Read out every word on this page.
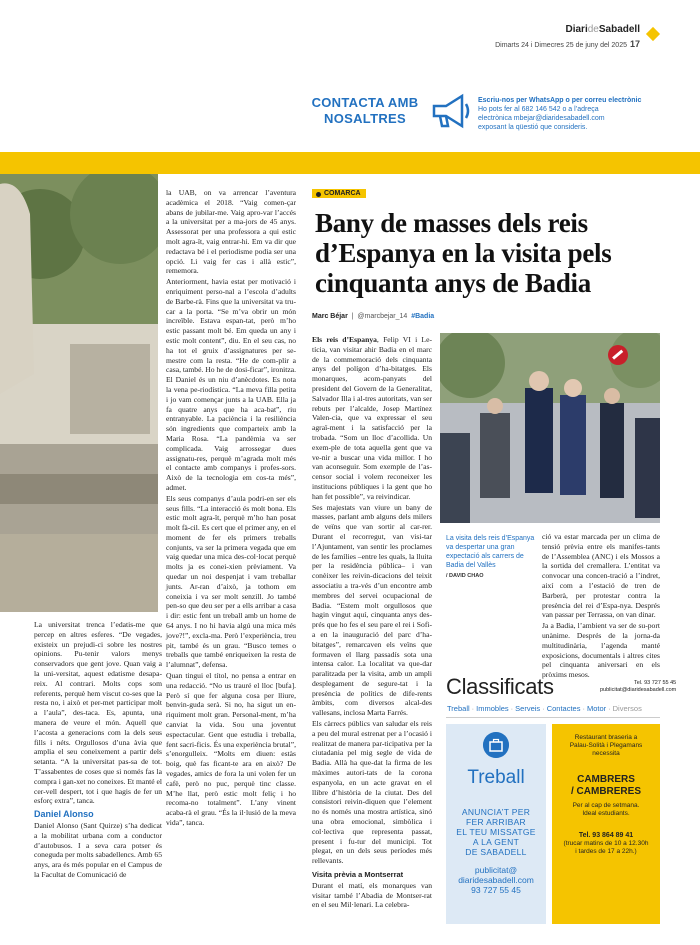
DiarideSabadell
Dimarts 24 i Dimecres 25 de juny del 2025 17
CONTACTA AMB
NOSALTRES
Escriu-nos per WhatsApp o per correu electrònic
Ho pots fer al 682 146 542 o a l’adreça
electrònica mbejar@diaridesabadell.com
exposant la qüestió que consideris.

La universitat trenca l’edatis-me que percep en altres esferes. “De vegades, existeix un prejudi-ci sobre les nostres opinions. Pu-tenir valors menys conservadors que gent jove. Quan vaig a la uni-versitat, aquest edatisme desapa-reix. Al contrari. Molts cops som referents, perquè hem viscut co-ses que la resta no, i això et per-met participar molt a l’aula”, des-taca. Es, apunta, una manera de veure el món. Aquell que l’acosta a generacions com la dels seus fills i néts. Orgullosos d’una àvia que amplia el seu coneixement a partir dels setanta. “A la universitat pas-sa de tot. T’assabentes de coses que si només fas la compra i gan-xet no coneixes. Et manté el cer-vell despert, tot i que hagis de fer un esforç extra”, tanca.

Daniel Alonso

Daniel Alonso (Sant Quirze) s’ha dedicat a la mobilitat urbana com a conductor d’autobusos. I a seva cara potser és coneguda per molts sabadellencs. Amb 65 anys, ara és més popular en el Campus de la Facultat de Comunicació de

la UAB, on va arrencar l’aventura acadèmica el 2018. “Vaig comen-çar abans de jubilar-me. Vaig apro-var l’accés a la universitat per a ma-jors de 45 anys. Assessorat per una professora a qui estic molt agra-ït, vaig entrar-hi. Em va dir que redactava bé i el periodisme podia ser una opció. Li vaig fer cas i allà estic”, rememora.

Anteriorment, havia estat per motivació i enriquiment perso-nal a l’escola d’adults de Barbe-rà. Fins que la universitat va tru-car a la porta. “Se m’va obrir un món increïble. Estava espan-tat, però m’ho estic passant molt bé. Em queda un any i estic molt content”, diu. En el seu cas, no ha tot el gruix d’assignatures per se-mestre com la resta. “He de com-plir a casa, també. Ho he de dosi-ficar”, ironitza. El Daniel és un niu d’anècdotes. Es nota la vena pe-riodística. “La meva filla petita i jo vam començar junts a la UAB. Ella ja fa quatre anys que ha aca-bat”, riu entranyable. La paciència i la resiliència són ingredients que comparteix amb la Maria Rosa. “La pandèmia va ser complicada. Vaig arrossegar dues assignatu-res, perquè m’agrada molt més el contacte amb companys i profes-sors. Això de la tecnologia em cos-ta més”, admet.

Els seus companys d’aula podri-en ser els seus fills. “La interacció és molt bona. Els estic molt agra-ït, perquè m’ho han posat molt fà-cil. Es cert que el primer any, en el moment de fer els primers treballs conjunts, va ser la primera vegada que em vaig quedar una mica des-col·locat perquè molts ja es conei-xien prèviament. Va quedar un noi despenjat i vam treballar junts. Ar-ran d’això, ja tothom em coneixia i va ser molt senzill. Jo també pen-so que deu ser per a ells arribar a casa i dir: estic fent un treball amb un home de 64 anys. I no hi havia algú una mica més jove?!”, excla-ma. Però l’experiència, treu pit, també és un grau. “Busco temes o treballs que també enriqueixen la resta de l’alumnat”, defensa.

Quan tingui el títol, no pensa a entrar en una redacció. “No us trauré el lloc [bufa]. Però sí que fer alguna cosa per lliure, benvin-guda serà. Si no, ha sigut un en-riquiment molt gran. Personal-ment, m’ha canviat la vida. Sou una joventut espectacular. Gent que estudia i treballa, fent sacri-ficis. És una experiència brutal”, s’enorgulleix. “Molts em diuen: estàs boig, què fas ficant-te ara en això? De vegades, amics de fora la uni volen fer un cafè, però no puc, perquè tinc classe. M’he llat, però estic molt feliç i ho recoma-no totalment”. L’any vinent acaba-rà el grau. “És la il·lusió de la meva vida”, tanca.

COMARCA
Bany de masses dels reis d’Espanya en la visita pels cinquanta anys de Badia
Marc Béjar  |  @marcbejar_14 #Badia

Els reis d’Espanya, Felip VI i Le-tícia, van visitar ahir Badia en el marc de la commemoració dels cinquanta anys del polígon d’ha-bitatges. Els monarques, acom-panyats del president del Govern de la Generalitat, Salvador Illa i al-tres autoritats, van ser rebuts per l’alcalde, Josep Martínez Valen-cia, que va expressar el seu agraï-ment i la satisfacció per la trobada. “Som un lloc d’acollida. Un exem-ple de tota aquella gent que va ve-nir a buscar una vida millor. I ho van aconseguir. Som exemple de l’as-censor social i volem reconeixer les institucions públiques i la gent que ho han fet possible”, va reivindicar.

Ses majestats van viure un bany de masses, parlant amb alguns dels milers de veïns que van sortir al car-rer. Durant el recorregut, van visi-tar l’Ajuntament, van sentir les proclames de les famílies –entre les quals, la lluita per la residència pública– i van conèixer les reivin-dicacions del teixit associatiu a tra-vés d’un encontre amb membres del servei ocupacional de Badia. “Estem molt orgullosos que hagin vingut aquí, cinquanta anys des-prés que ho fes el seu pare el rei i Sofi-a en la inauguració del parc d’ha-bitatges”, remarcaven els veïns que formaven el llarg passadís sota una intensa calor. La localitat va que-dar paralitzada per la visita, amb un ampli desplegament de segure-tat i la presència de polítics de dife-rents àmbits, com diversos alcal-des vallesans, inclosa Marta Farrés.

Els càrrecs públics van saludar els reis a peu del mural estrenat per a l’ocasió i realitzat de manera par-ticipativa per la ciutadania pel mig segle de vida de Badia. Allà ha que-dat la firma de les màximes autori-tats de la corona espanyola, en un acte gravat en el llibre d’història de la ciutat. Des del consistori reivin-diquen que l’element no és només una mostra artística, sinó una obra emocional, simbòlica i col·lectiva que representa passat, present i fu-tur del municipi. Tot plegat, en un dels seus períodes més rellevants.

Visita prèvia a Montserrat

Durant el matí, els monarques van visitar també l’Abadia de Montser-rat en el seu Mil·lenari. La celebra-

La visita dels reis d’Espanya va despertar una gran expectació als carrers de Badia del Vallès
/ DAVID CHAO

ció va estar marcada per un clima de tensió prèvia entre els manifes-tants de l’Assemblea (ANC) i els Mossos a la sortida del cremallera. L’entitat va convocar una concen-tració a l’indret, així com a l’estació de tren de Barberà, per protestar contra la presència del rei d’Espa-nya. Després van passar per Terrassa, on van dinar.

Ja a Badia, l’ambient va ser de su-port unànime. Després de la jorna-da multitudinària, l’agenda manté exposicions, documentals i altres cites pel cinquanta aniversari en els pròxims mesos.

Classificats	Tel. 93 727 55 45
publicitat@diaridesabadell.com
Treball · Immobles · Serveis · Contactes · Motor · Diversos
Treball
ANUNCIA’T PER
FER ARRIBAR
EL TEU MISSATGE
A LA GENT
DE SABADELL
publicitat@
diaridesabadell.com
93 727 55 45
Restaurant braseria a
Palau-Solità i Plegamans
necessita
CAMBRERS
/ CAMBRERES
Per al cap de setmana.
Ideal estudiants.
Tel. 93 864 89 41
(trucar matins de 10 a 12.30h
i tardes de 17 a 22h.)
